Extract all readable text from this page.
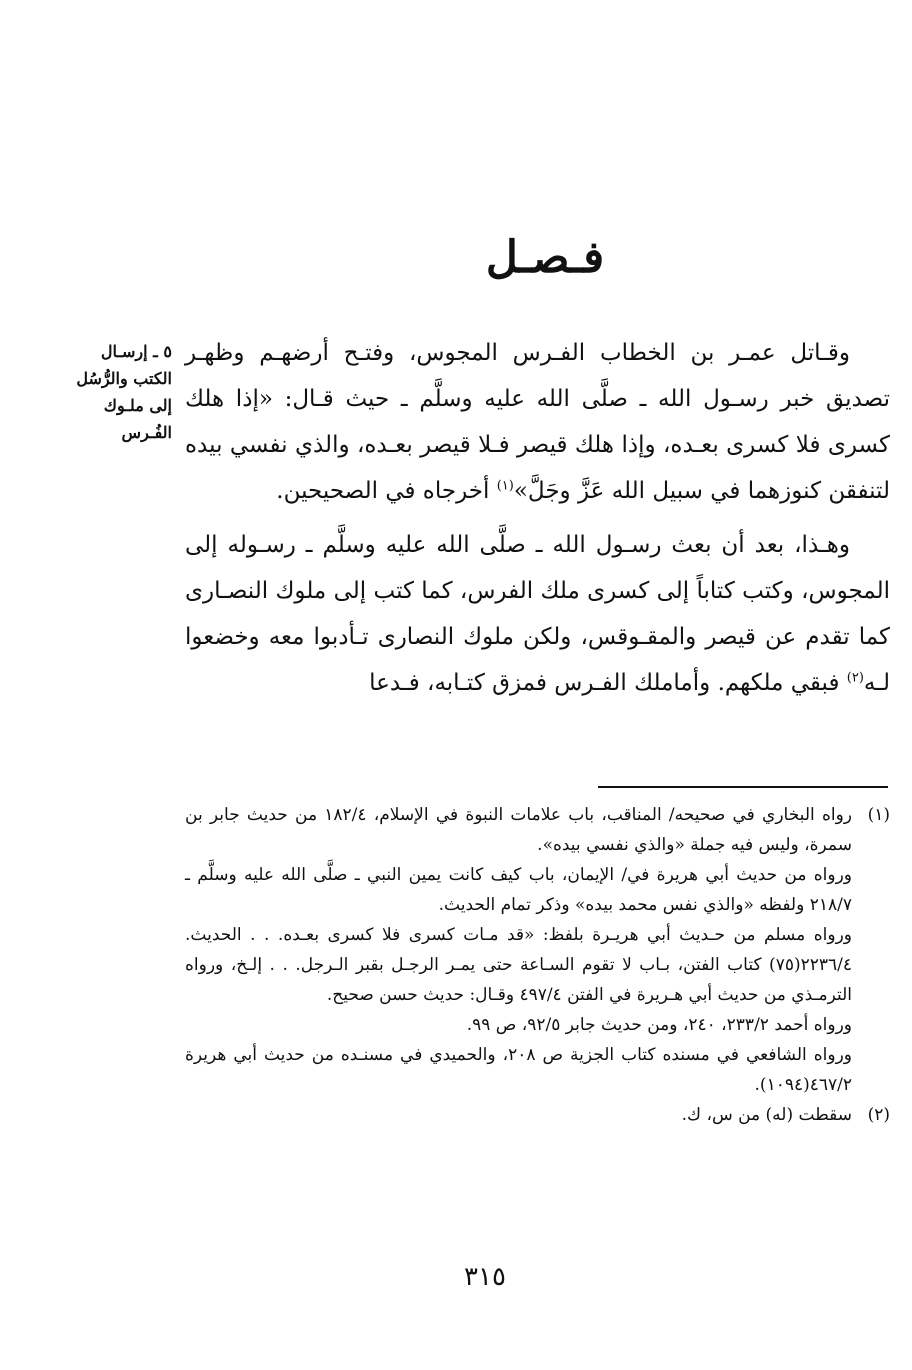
فـصـل
٥ ـ إرسـال
الكتب والرُّسُل
إلى ملـوك
الفُـرس

وقـاتل عمـر بن الخطاب الفـرس المجوس، وفتـح أرضهـم وظهـر تصديق خبر رسـول الله ـ صلَّى الله عليه وسلَّم ـ حيث قـال: «إذا هلك كسرى فلا كسرى بعـده، وإذا هلك قيصر فـلا قيصر بعـده، والذي نفسي بيده لتنفقن كنوزهما في سبيل الله عَزَّ وجَلَّ»$^{(١)}$ أخرجاه في الصحيحين.

وهـذا، بعد أن بعث رسـول الله ـ صلَّى الله عليه وسلَّم ـ رسـوله إلى المجوس، وكتب كتاباً إلى كسرى ملك الفرس، كما كتب إلى ملوك النصـارى كما تقدم عن قيصر والمقـوقس، ولكن ملوك النصارى تـأدبوا معه وخضعوا لـه$^{(٢)}$ فبقي ملكهم. وأماملك الفـرس فمزق كتـابه، فـدعا

(١)

رواه البخاري في صحيحه/ المناقب، باب علامات النبوة في الإسلام، ١٨٢/٤ من حديث جابر بن سمرة، وليس فيه جملة «والذي نفسي بيده».

ورواه من حديث أبي هريرة في/ الإيمان، باب كيف كانت يمين النبي ـ صلَّى الله عليه وسلَّم ـ ٢١٨/٧ ولفظه «والذي نفس محمد بيده» وذكر تمام الحديث.

ورواه مسلم من حـديث أبي هريـرة بلفظ: «قد مـات كسرى فلا كسرى بعـده. . . الحديث. ٢٢٣٦/٤(٧٥) كتاب الفتن، بـاب لا تقوم السـاعة حتى يمـر الرجـل بقبر الـرجل. . . إلـخ، ورواه الترمـذي من حديث أبي هـريرة في الفتن ٤٩٧/٤ وقـال: حديث حسن صحيح.

ورواه أحمد ٢٣٣/٢، ٢٤٠، ومن حديث جابر ٩٢/٥، ص ٩٩.

ورواه الشافعي في مسنده كتاب الجزية ص ٢٠٨، والحميدي في مسنـده من حديث أبي هريرة ٤٦٧/٢(١٠٩٤).

(٢)

سقطت (له) من س، ك.

٣١٥
